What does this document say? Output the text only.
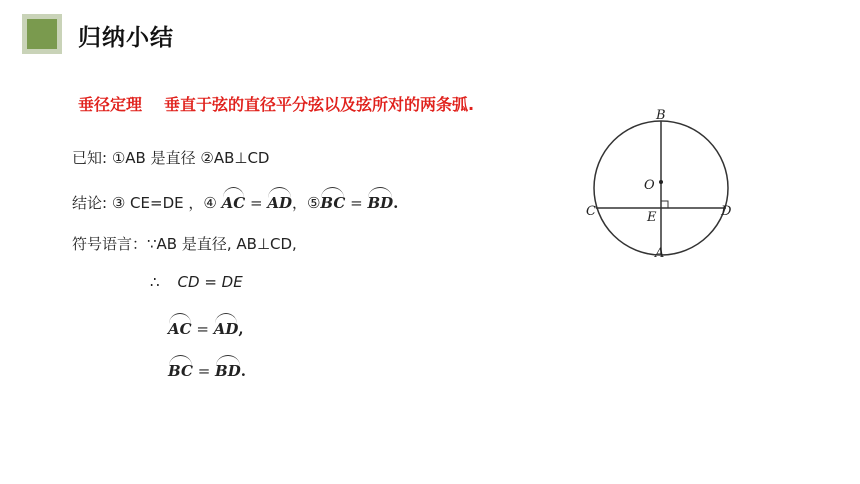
归纳小结
垂径定理 垂直于弦的直径平分弦以及弦所对的两条弧.
已知: ①AB 是直径 ②AB⊥CD
结论: ③ CE=DE ，④ AC = AD，⑤BC = BD.
符号语言：∵AB 是直径, AB⊥CD,
∴ CD = DE
AC = AD,
BC = BD.
B
O
C	E	D
A
